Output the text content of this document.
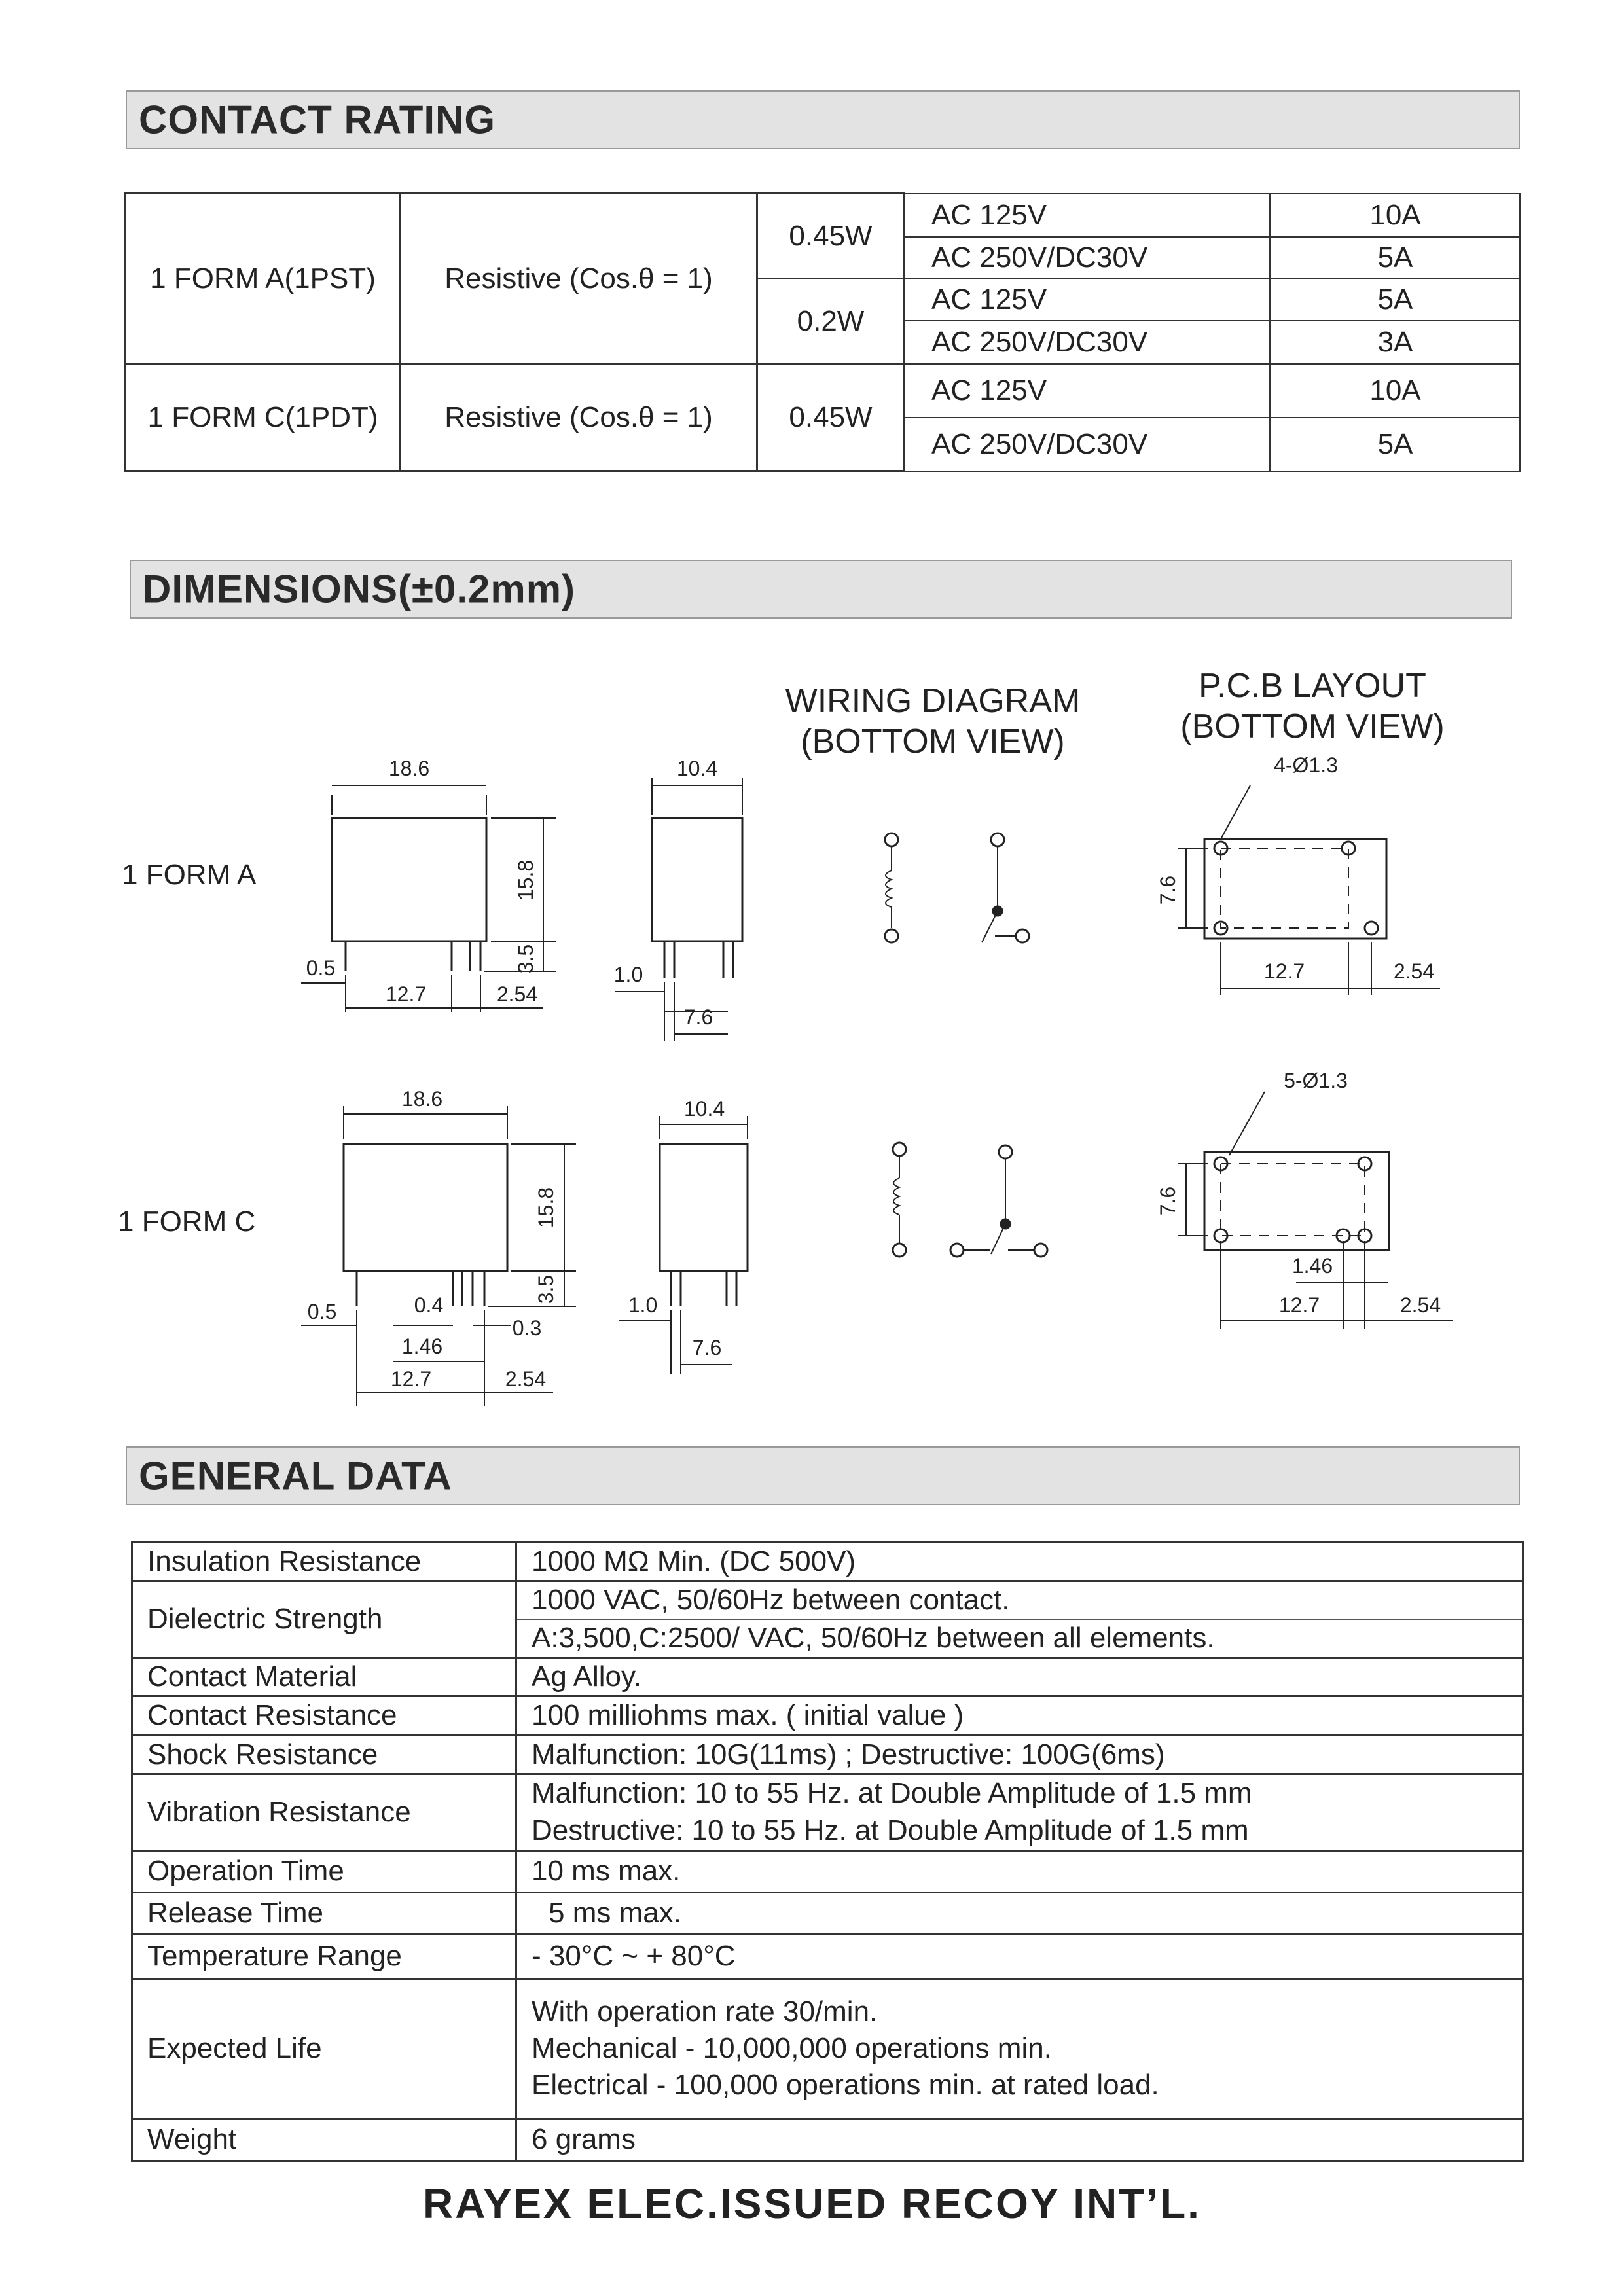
CONTACT RATING
1 FORM A(1PST)	Resistive (Cos.θ = 1)	0.45W	AC 125V	10A
			AC 250V/DC30V	5A
		0.2W	AC 125V	5A
			AC 250V/DC30V	3A
1 FORM C(1PDT)	Resistive (Cos.θ = 1)	0.45W	AC 125V	10A
			AC 250V/DC30V	5A
DIMENSIONS(±0.2mm)
WIRING DIAGRAM
(BOTTOM VIEW)
P.C.B LAYOUT
(BOTTOM VIEW)
18.6
15.8
3.5
0.5
12.7	2.54
10.4
1.0
7.6
4-Ø1.3
7.6
12.7	2.54
18.6
15.8
3.5
0.5	0.4
0.3
1.46
12.7	2.54
10.4
1.0
7.6
5-Ø1.3
7.6
1.46
12.7	2.54
1 FORM A
1 FORM C
GENERAL DATA
Insulation Resistance	1000 MΩ Min. (DC 500V)
Dielectric Strength	1000 VAC, 50/60Hz between contact.
	A:3,500,C:2500/ VAC, 50/60Hz between all elements.
Contact Material	Ag Alloy.
Contact Resistance	100 milliohms max. ( initial value )
Shock Resistance	Malfunction: 10G(11ms) ; Destructive: 100G(6ms)
Vibration Resistance	Malfunction: 10 to 55 Hz. at Double Amplitude of 1.5 mm
	Destructive: 10 to 55 Hz. at Double Amplitude of 1.5 mm
Operation Time	10 ms max.
Release Time	5 ms max.
Temperature Range	- 30°C ~ + 80°C
Expected Life	With operation rate 30/min.
Mechanical - 10,000,000 operations min.
Electrical - 100,000 operations min. at rated load.

Weight	6 grams
RAYEX ELEC.ISSUED RECOY INT’L.
